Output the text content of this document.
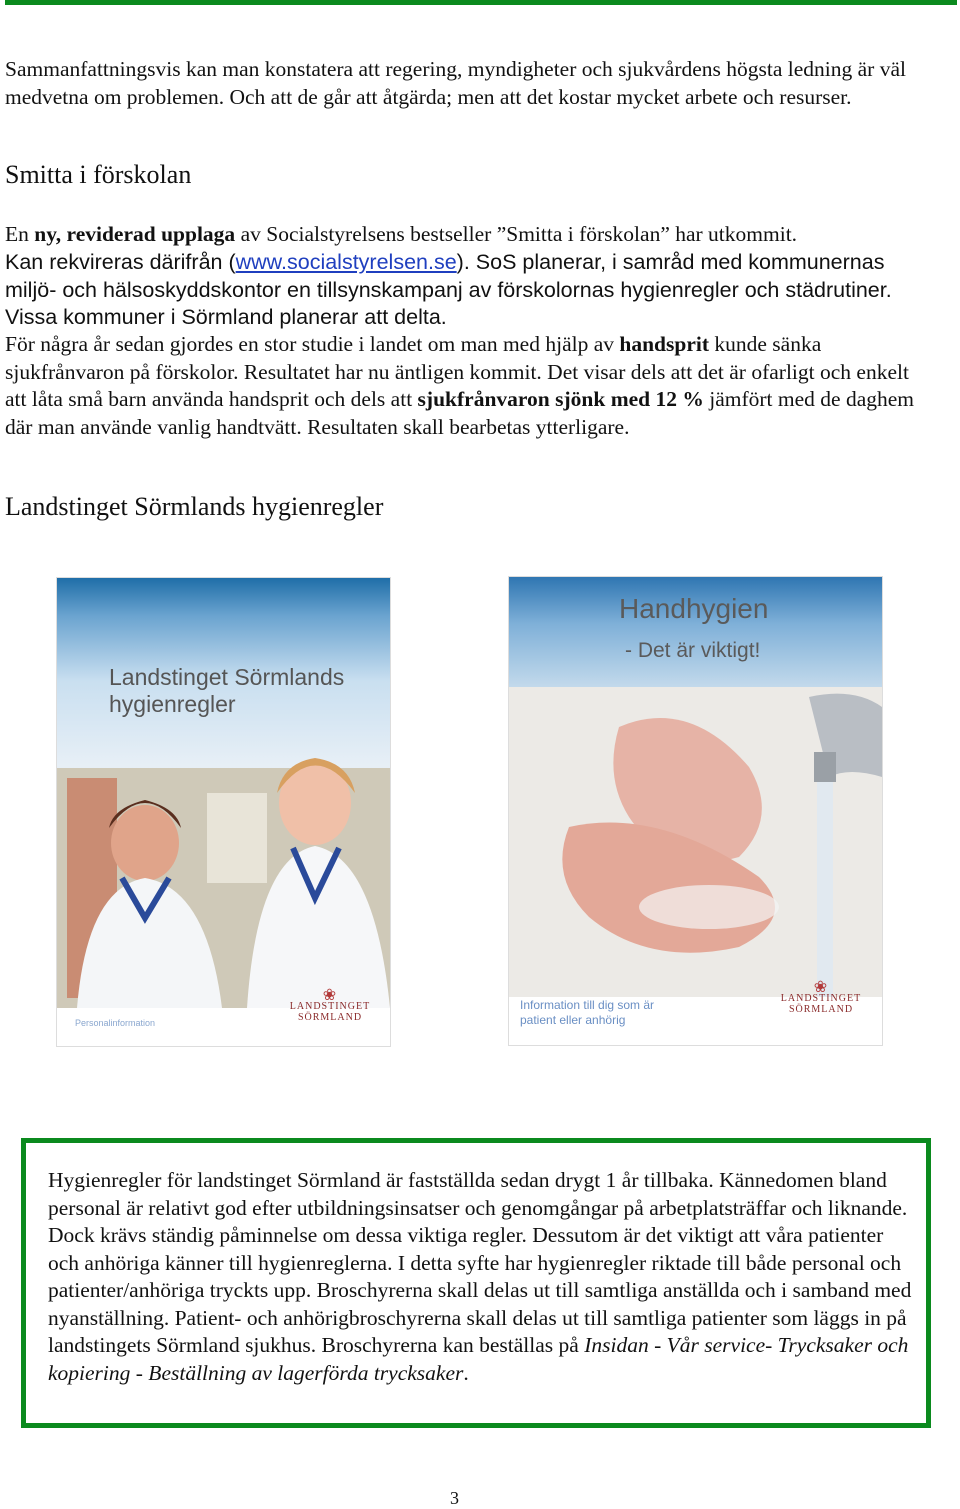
Sammanfattningsvis kan man konstatera att regering, myndigheter och sjukvårdens högsta ledning är väl medvetna om problemen. Och att de går att åtgärda; men att det kostar mycket arbete och resurser.

Smitta i förskolan

En ny, reviderad upplaga av Socialstyrelsens bestseller ”Smitta i förskolan” har utkommit.

Kan rekvireras därifrån (www.socialstyrelsen.se). SoS planerar, i samråd med kommunernas miljö- och hälsoskyddskontor en tillsynskampanj av förskolornas hygienregler och städrutiner. Vissa kommuner i Sörmland planerar att delta.

För några år sedan gjordes en stor studie i landet om man med hjälp av handsprit kunde sänka sjukfrånvaron på förskolor. Resultatet har nu äntligen kommit. Det visar dels att det är ofarligt och enkelt att låta små barn använda handsprit och dels att sjukfrånvaron sjönk med 12 % jämfört med de daghem där man använde vanlig handtvätt. Resultaten skall bearbetas ytterligare.

Landstinget Sörmlands hygienregler
Landstinget Sörmlands
hygienregler
Personalinformation
❀
LANDSTINGET
SÖRMLAND
Handhygien
- Det är viktigt!
Information till dig som är
patient eller anhörig
❀
LANDSTINGET
SÖRMLAND

Hygienregler för landstinget Sörmland är fastställda sedan drygt 1 år tillbaka. Kännedomen bland personal är relativt god efter utbildningsinsatser och genomgångar på arbetplatsträffar och liknande. Dock krävs ständig påminnelse om dessa viktiga regler. Dessutom är det viktigt att våra patienter och anhöriga känner till hygienreglerna. I detta syfte har hygienregler riktade till både personal och patienter/anhöriga tryckts upp. Broschyrerna skall delas ut till samtliga anställda och i samband med nyanställning. Patient- och anhörigbroschyrerna skall delas ut till samtliga patienter som läggs in på landstingets Sörmland sjukhus. Broschyrerna kan beställas på Insidan - Vår service- Trycksaker och kopiering - Beställning av lagerförda trycksaker.

3
